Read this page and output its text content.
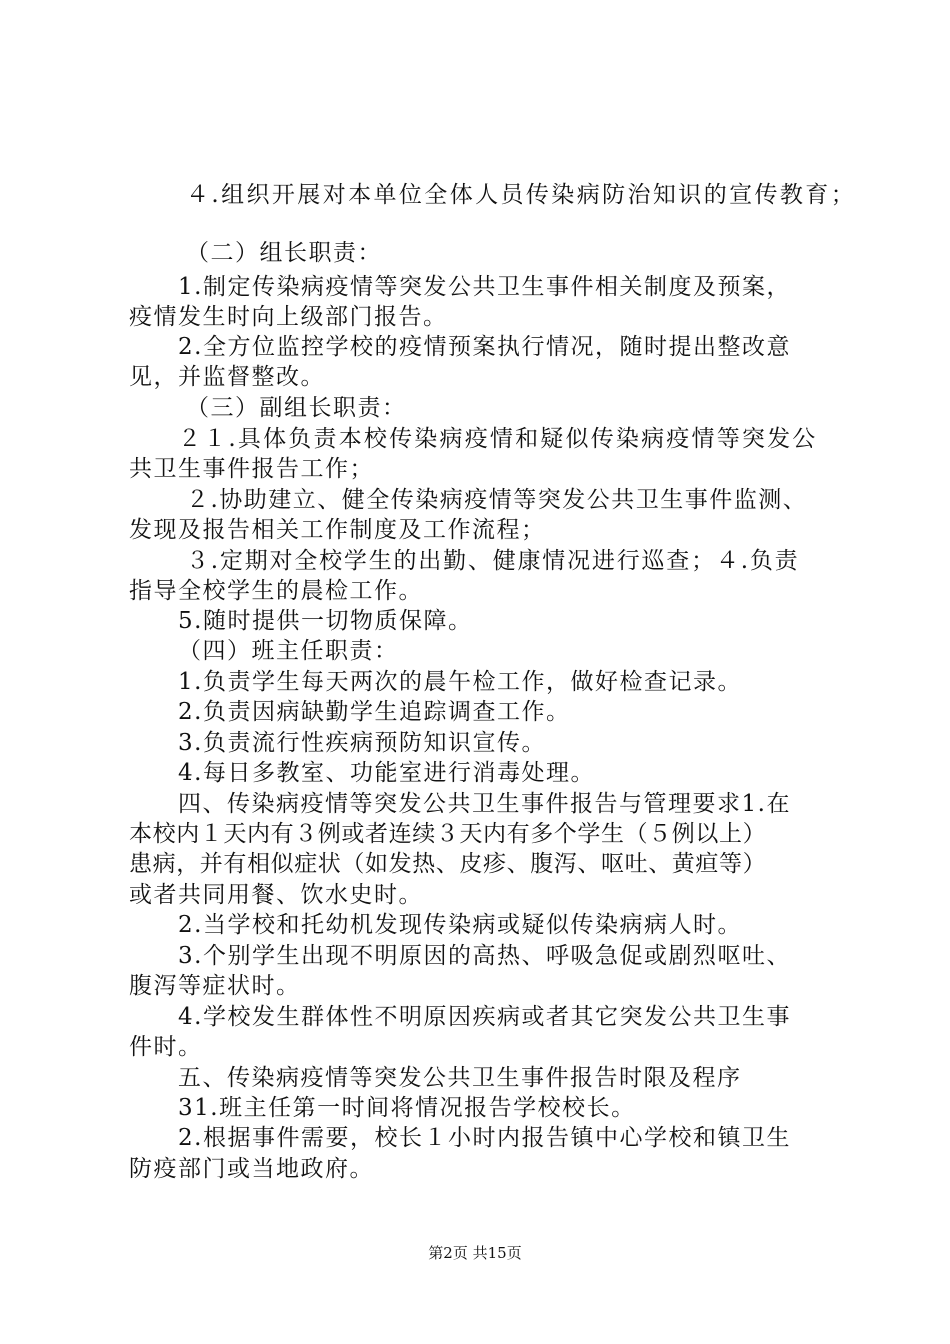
４.组织开展对本单位全体人员传染病防治知识的宣传教育；
（二）组长职责：
1.制定传染病疫情等突发公共卫生事件相关制度及预案，
疫情发生时向上级部门报告。
2.全方位监控学校的疫情预案执行情况，随时提出整改意
见，并监督整改。
（三）副组长职责：
２１.具体负责本校传染病疫情和疑似传染病疫情等突发公
共卫生事件报告工作；
２.协助建立、健全传染病疫情等突发公共卫生事件监测、
发现及报告相关工作制度及工作流程；
３.定期对全校学生的出勤、健康情况进行巡查；４.负责
指导全校学生的晨检工作。
5.随时提供一切物质保障。
（四）班主任职责：
1.负责学生每天两次的晨午检工作，做好检查记录。
2.负责因病缺勤学生追踪调查工作。
3.负责流行性疾病预防知识宣传。
4.每日多教室、功能室进行消毒处理。
四、传染病疫情等突发公共卫生事件报告与管理要求1.在
本校内１天内有３例或者连续３天内有多个学生（５例以上）
患病，并有相似症状（如发热、皮疹、腹泻、呕吐、黄疸等）
或者共同用餐、饮水史时。
2.当学校和托幼机发现传染病或疑似传染病病人时。
3.个别学生出现不明原因的高热、呼吸急促或剧烈呕吐、
腹泻等症状时。
4.学校发生群体性不明原因疾病或者其它突发公共卫生事
件时。
五、传染病疫情等突发公共卫生事件报告时限及程序
31.班主任第一时间将情况报告学校校长。
2.根据事件需要，校长１小时内报告镇中心学校和镇卫生
防疫部门或当地政府。
第2页 共15页
